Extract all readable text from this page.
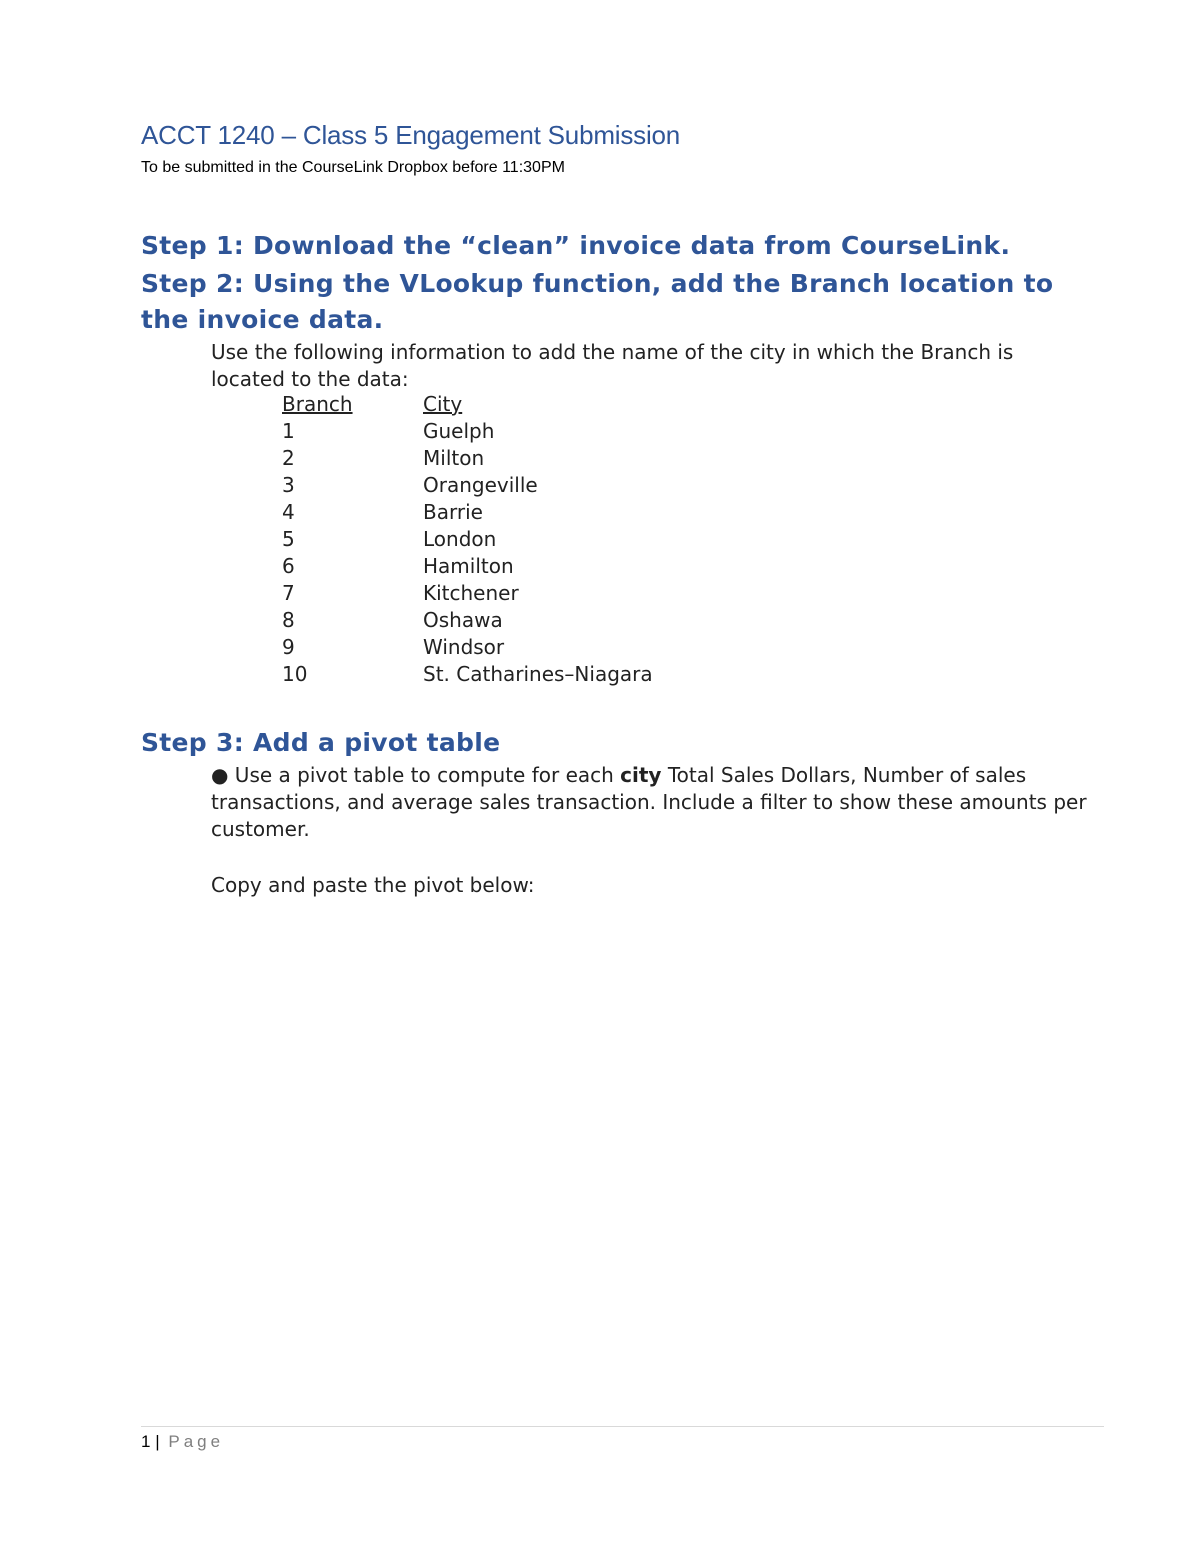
ACCT 1240 – Class 5 Engagement Submission

To be submitted in the CourseLink Dropbox before 11:30PM

Step 1: Download the “clean” invoice data from CourseLink.
Step 2: Using the VLookup function, add the Branch location to the invoice data.

Use the following information to add the name of the city in which the Branch is located to the data:

Branch	City
1	Guelph
2	Milton
3	Orangeville
4	Barrie
5	London
6	Hamilton
7	Kitchener
8	Oshawa
9	Windsor
10	St. Catharines–Niagara
Step 3: Add a pivot table

● Use a pivot table to compute for each city Total Sales Dollars, Number of sales transactions, and average sales transaction. Include a filter to show these amounts per customer.

Copy and paste the pivot below:

1 | Page
